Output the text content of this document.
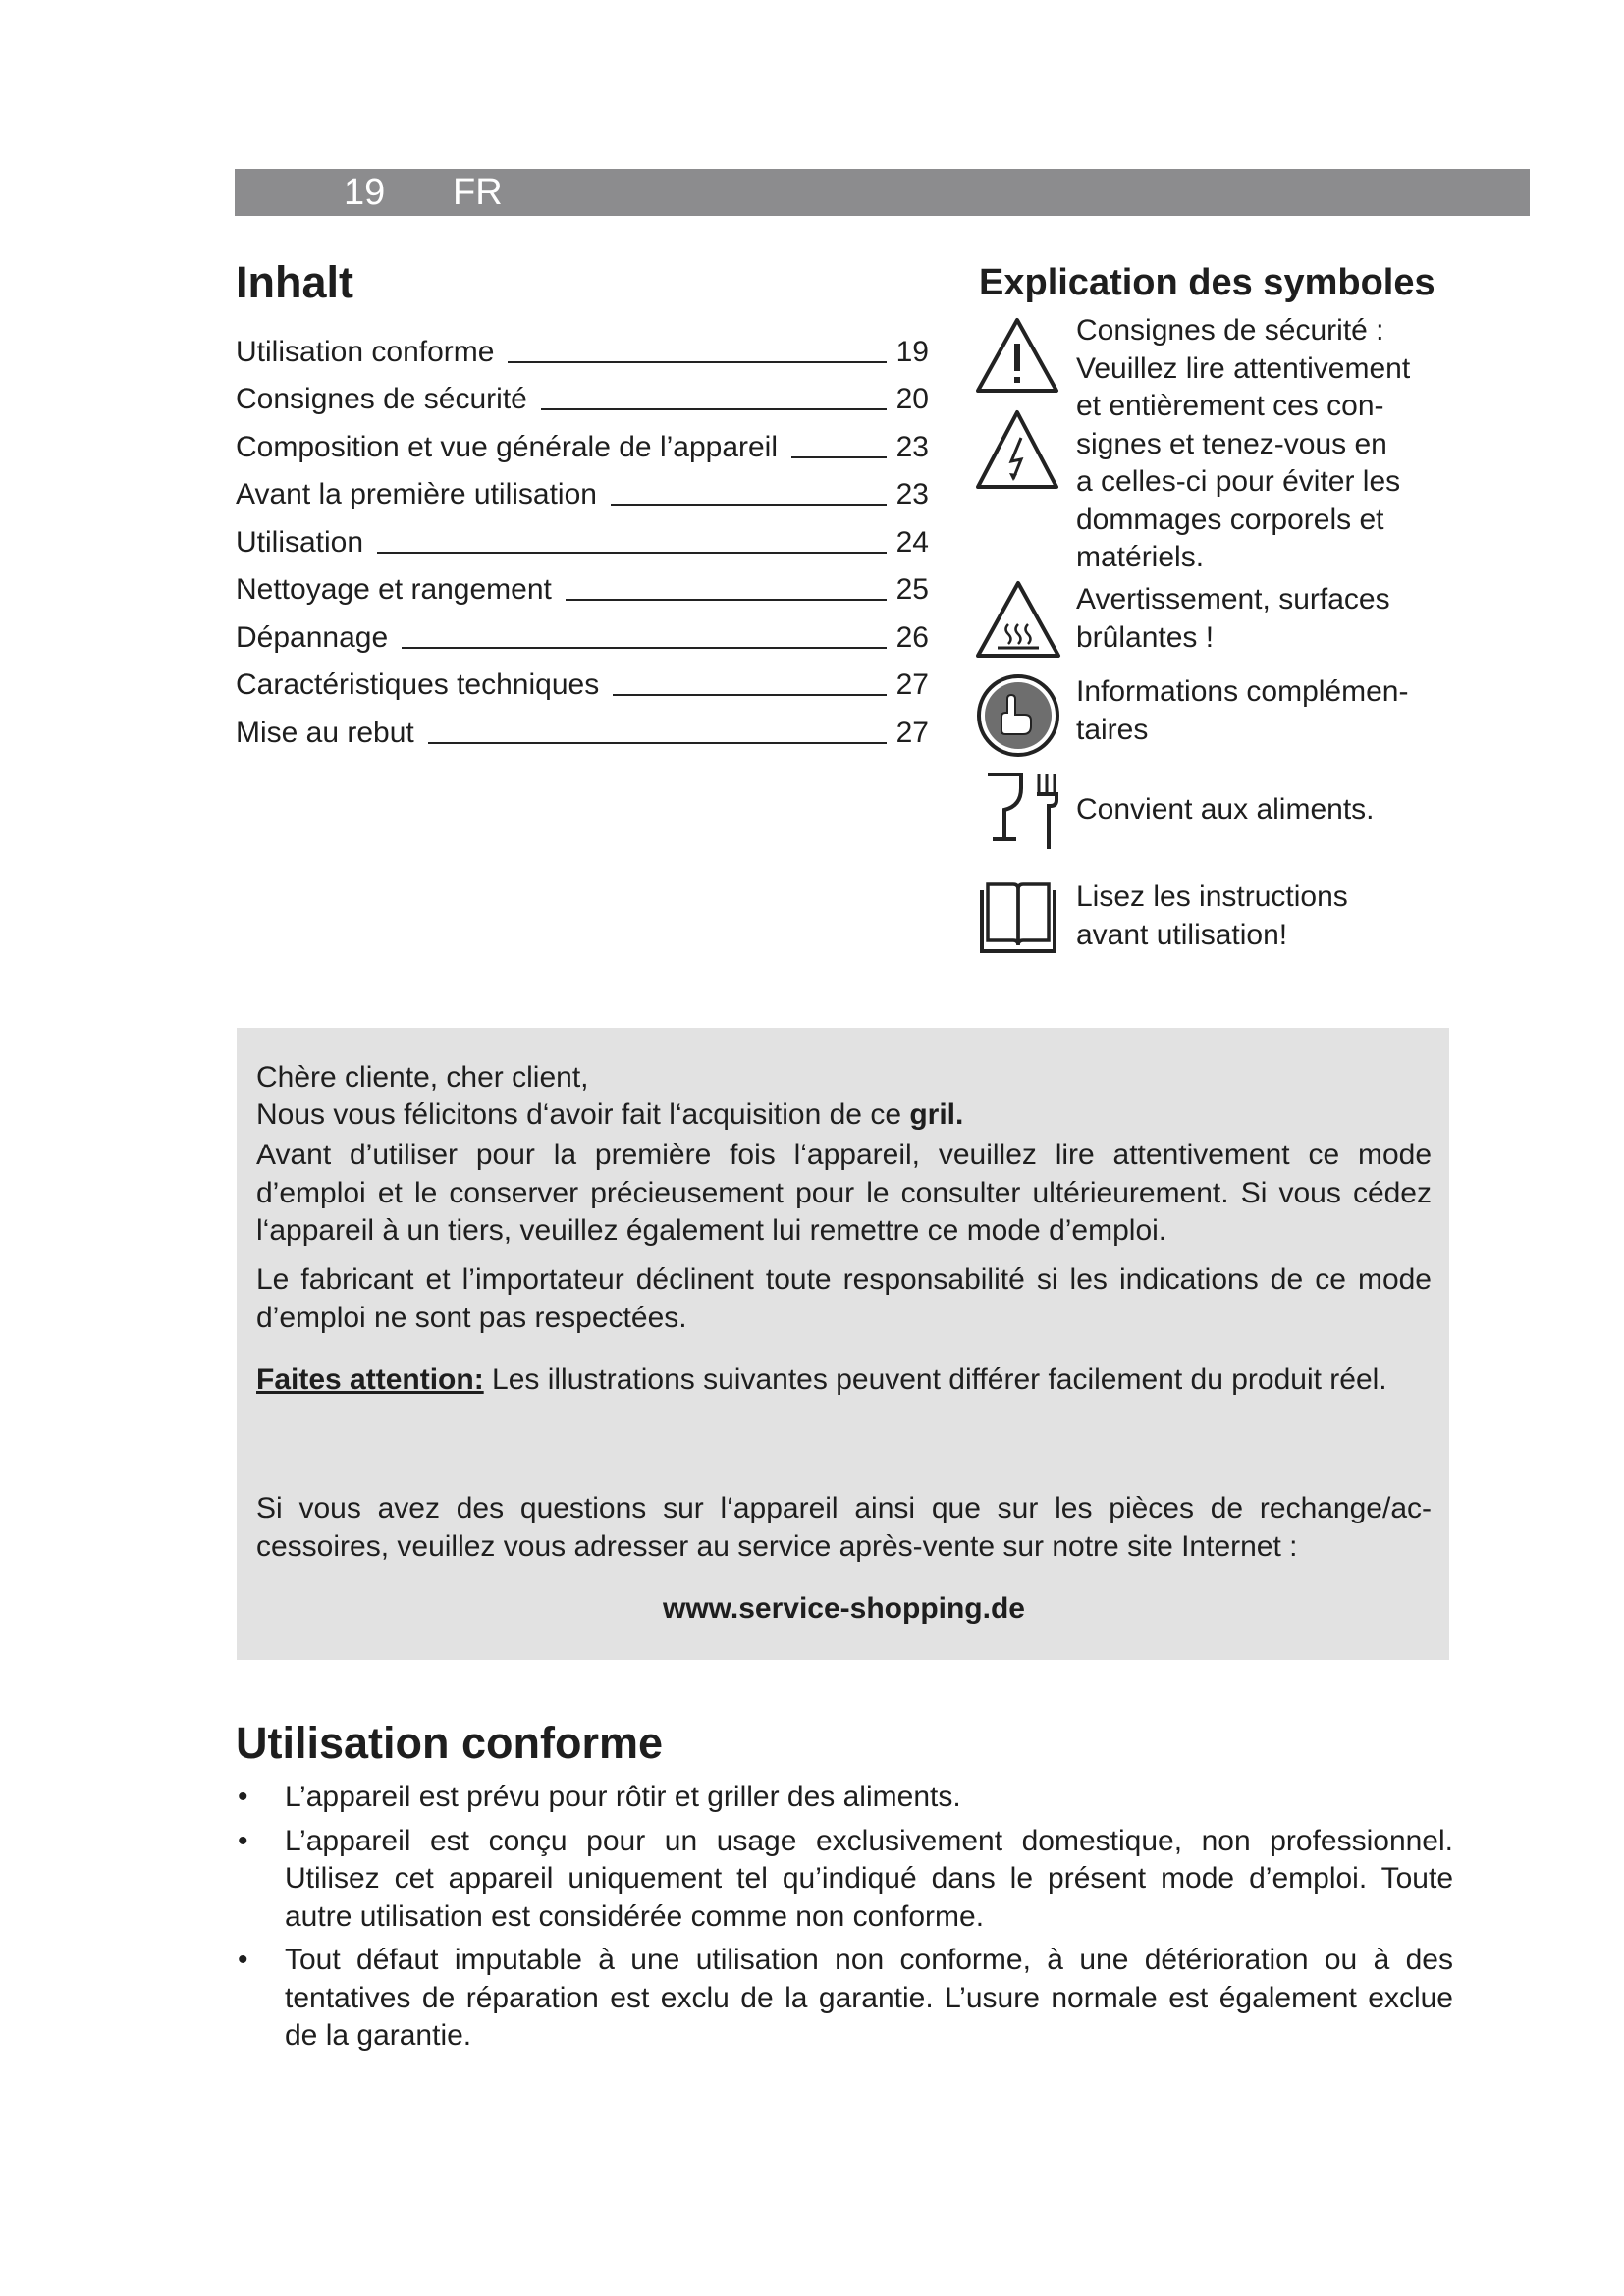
19 FR
Inhalt
Utilisation conforme	19
Consignes de sécurité	20
Composition et vue générale de l’appareil	23
Avant la première utilisation	23
Utilisation	24
Nettoyage et rangement	25
Dépannage	26
Caractéristiques techniques	27
Mise au rebut	27
Explication des symboles
Consignes de sécurité :
Veuillez lire attentivement
et entièrement ces con-
signes et tenez-vous en
a celles-ci pour éviter les
dommages corporels et
matériels.
Avertissement, surfaces
brûlantes !
Informations complémen-
taires
Convient aux aliments.
Lisez les instructions
avant utilisation!

Chère cliente, cher client,

Nous vous félicitons d‘avoir fait l‘acquisition de ce gril.

Avant d’utiliser pour la première fois l‘appareil, veuillez lire attentivement ce mode d’emploi et le conserver précieusement pour le consulter ultérieurement. Si vous cédez l‘appareil à un tiers, veuillez également lui remettre ce mode d’emploi.

Le fabricant et l’importateur déclinent toute responsabilité si les indications de ce mode d’emploi ne sont pas respectées.

Faites attention: Les illustrations suivantes peuvent différer facilement du produit réel.

Si vous avez des questions sur l‘appareil ainsi que sur les pièces de rechange/ac-cessoires, veuillez vous adresser au service après-vente sur notre site Internet :

www.service-shopping.de

Utilisation conforme
• L’appareil est prévu pour rôtir et griller des aliments.
• L’appareil est conçu pour un usage exclusivement domestique, non professionnel. Utilisez cet appareil uniquement tel qu’indiqué dans le présent mode d’emploi. Toute autre utilisation est considérée comme non conforme.
• Tout défaut imputable à une utilisation non conforme, à une détérioration ou à des tentatives de réparation est exclu de la garantie. L’usure normale est également exclue de la garantie.
